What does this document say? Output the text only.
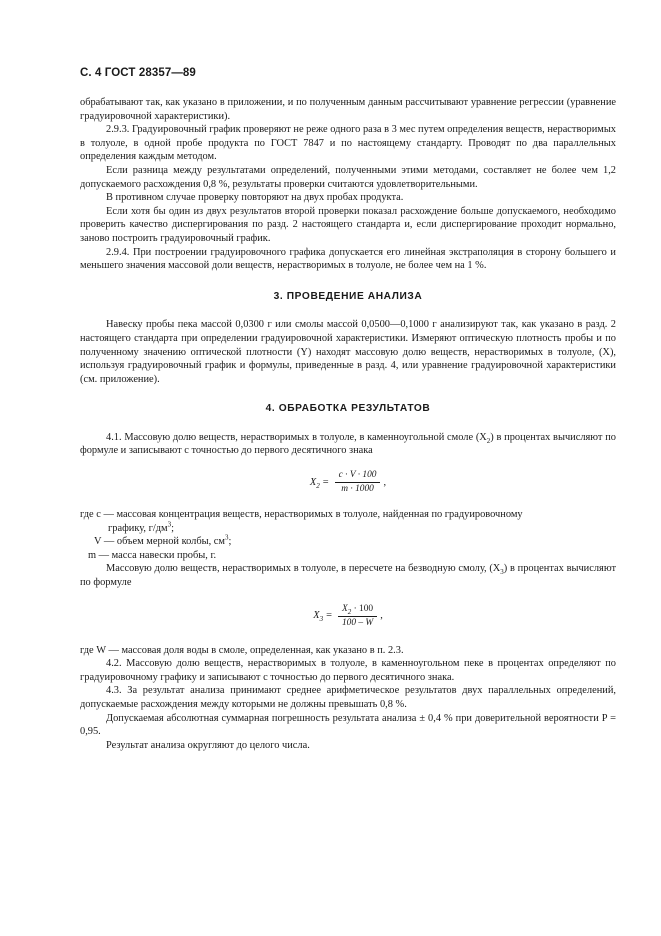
С. 4 ГОСТ 28357—89

обрабатывают так, как указано в приложении, и по полученным данным рассчитывают уравнение регрессии (уравнение градуировочной характеристики).

2.9.3. Градуировочный график проверяют не реже одного раза в 3 мес путем определения веществ, нерастворимых в толуоле, в одной пробе продукта по ГОСТ 7847 и по настоящему стандарту. Проводят по два параллельных определения каждым методом.

Если разница между результатами определений, полученными этими методами, составляет не более чем 1,2 допускаемого расхождения 0,8 %, результаты проверки считаются удовлетворительными.

В противном случае проверку повторяют на двух пробах продукта.

Если хотя бы один из двух результатов второй проверки показал расхождение больше допускаемого, необходимо проверить качество диспергирования по разд. 2 настоящего стандарта и, если диспергирование проходит нормально, заново построить градуировочный график.

2.9.4. При построении градуировочного графика допускается его линейная экстраполяция в сторону большего и меньшего значения массовой доли веществ, нерастворимых в толуоле, не более чем на 1 %.

3. ПРОВЕДЕНИЕ АНАЛИЗА

Навеску пробы пека массой 0,0300 г или смолы массой 0,0500—0,1000 г анализируют так, как указано в разд. 2 настоящего стандарта при определении градуировочной характеристики. Измеряют оптическую плотность пробы и по полученному значению оптической плотности (Y) находят массовую долю веществ, нерастворимых в толуоле, (X), используя градуировочный график и формулы, приведенные в разд. 4, или уравнение градуировочной характеристики (см. приложение).

4. ОБРАБОТКА РЕЗУЛЬТАТОВ

4.1. Массовую долю веществ, нерастворимых в толуоле, в каменноугольной смоле $(X_2)$ в процентах вычисляют по формуле и записывают с точностью до первого десятичного знака

$X_2 = \frac{c \cdot V \cdot 100}{m \cdot 1000}$ ,

где c — массовая концентрация веществ, нерастворимых в толуоле, найденная по градуировочному

графику, $г/дм^3$;

V — объем мерной колбы, $см^3$;

m — масса навески пробы, г.

Массовую долю веществ, нерастворимых в толуоле, в пересчете на безводную смолу, $(X_3)$ в процентах вычисляют по формуле

$X_3 = \frac{X_2 \cdot 100}{100 - W}$ ,

где W — массовая доля воды в смоле, определенная, как указано в п. 2.3.

4.2. Массовую долю веществ, нерастворимых в толуоле, в каменноугольном пеке в процентах определяют по градуировочному графику и записывают с точностью до первого десятичного знака.

4.3. За результат анализа принимают среднее арифметическое результатов двух параллельных определений, допускаемые расхождения между которыми не должны превышать 0,8 %.

Допускаемая абсолютная суммарная погрешность результата анализа ± 0,4 % при доверительной вероятности P = 0,95.

Результат анализа округляют до целого числа.
